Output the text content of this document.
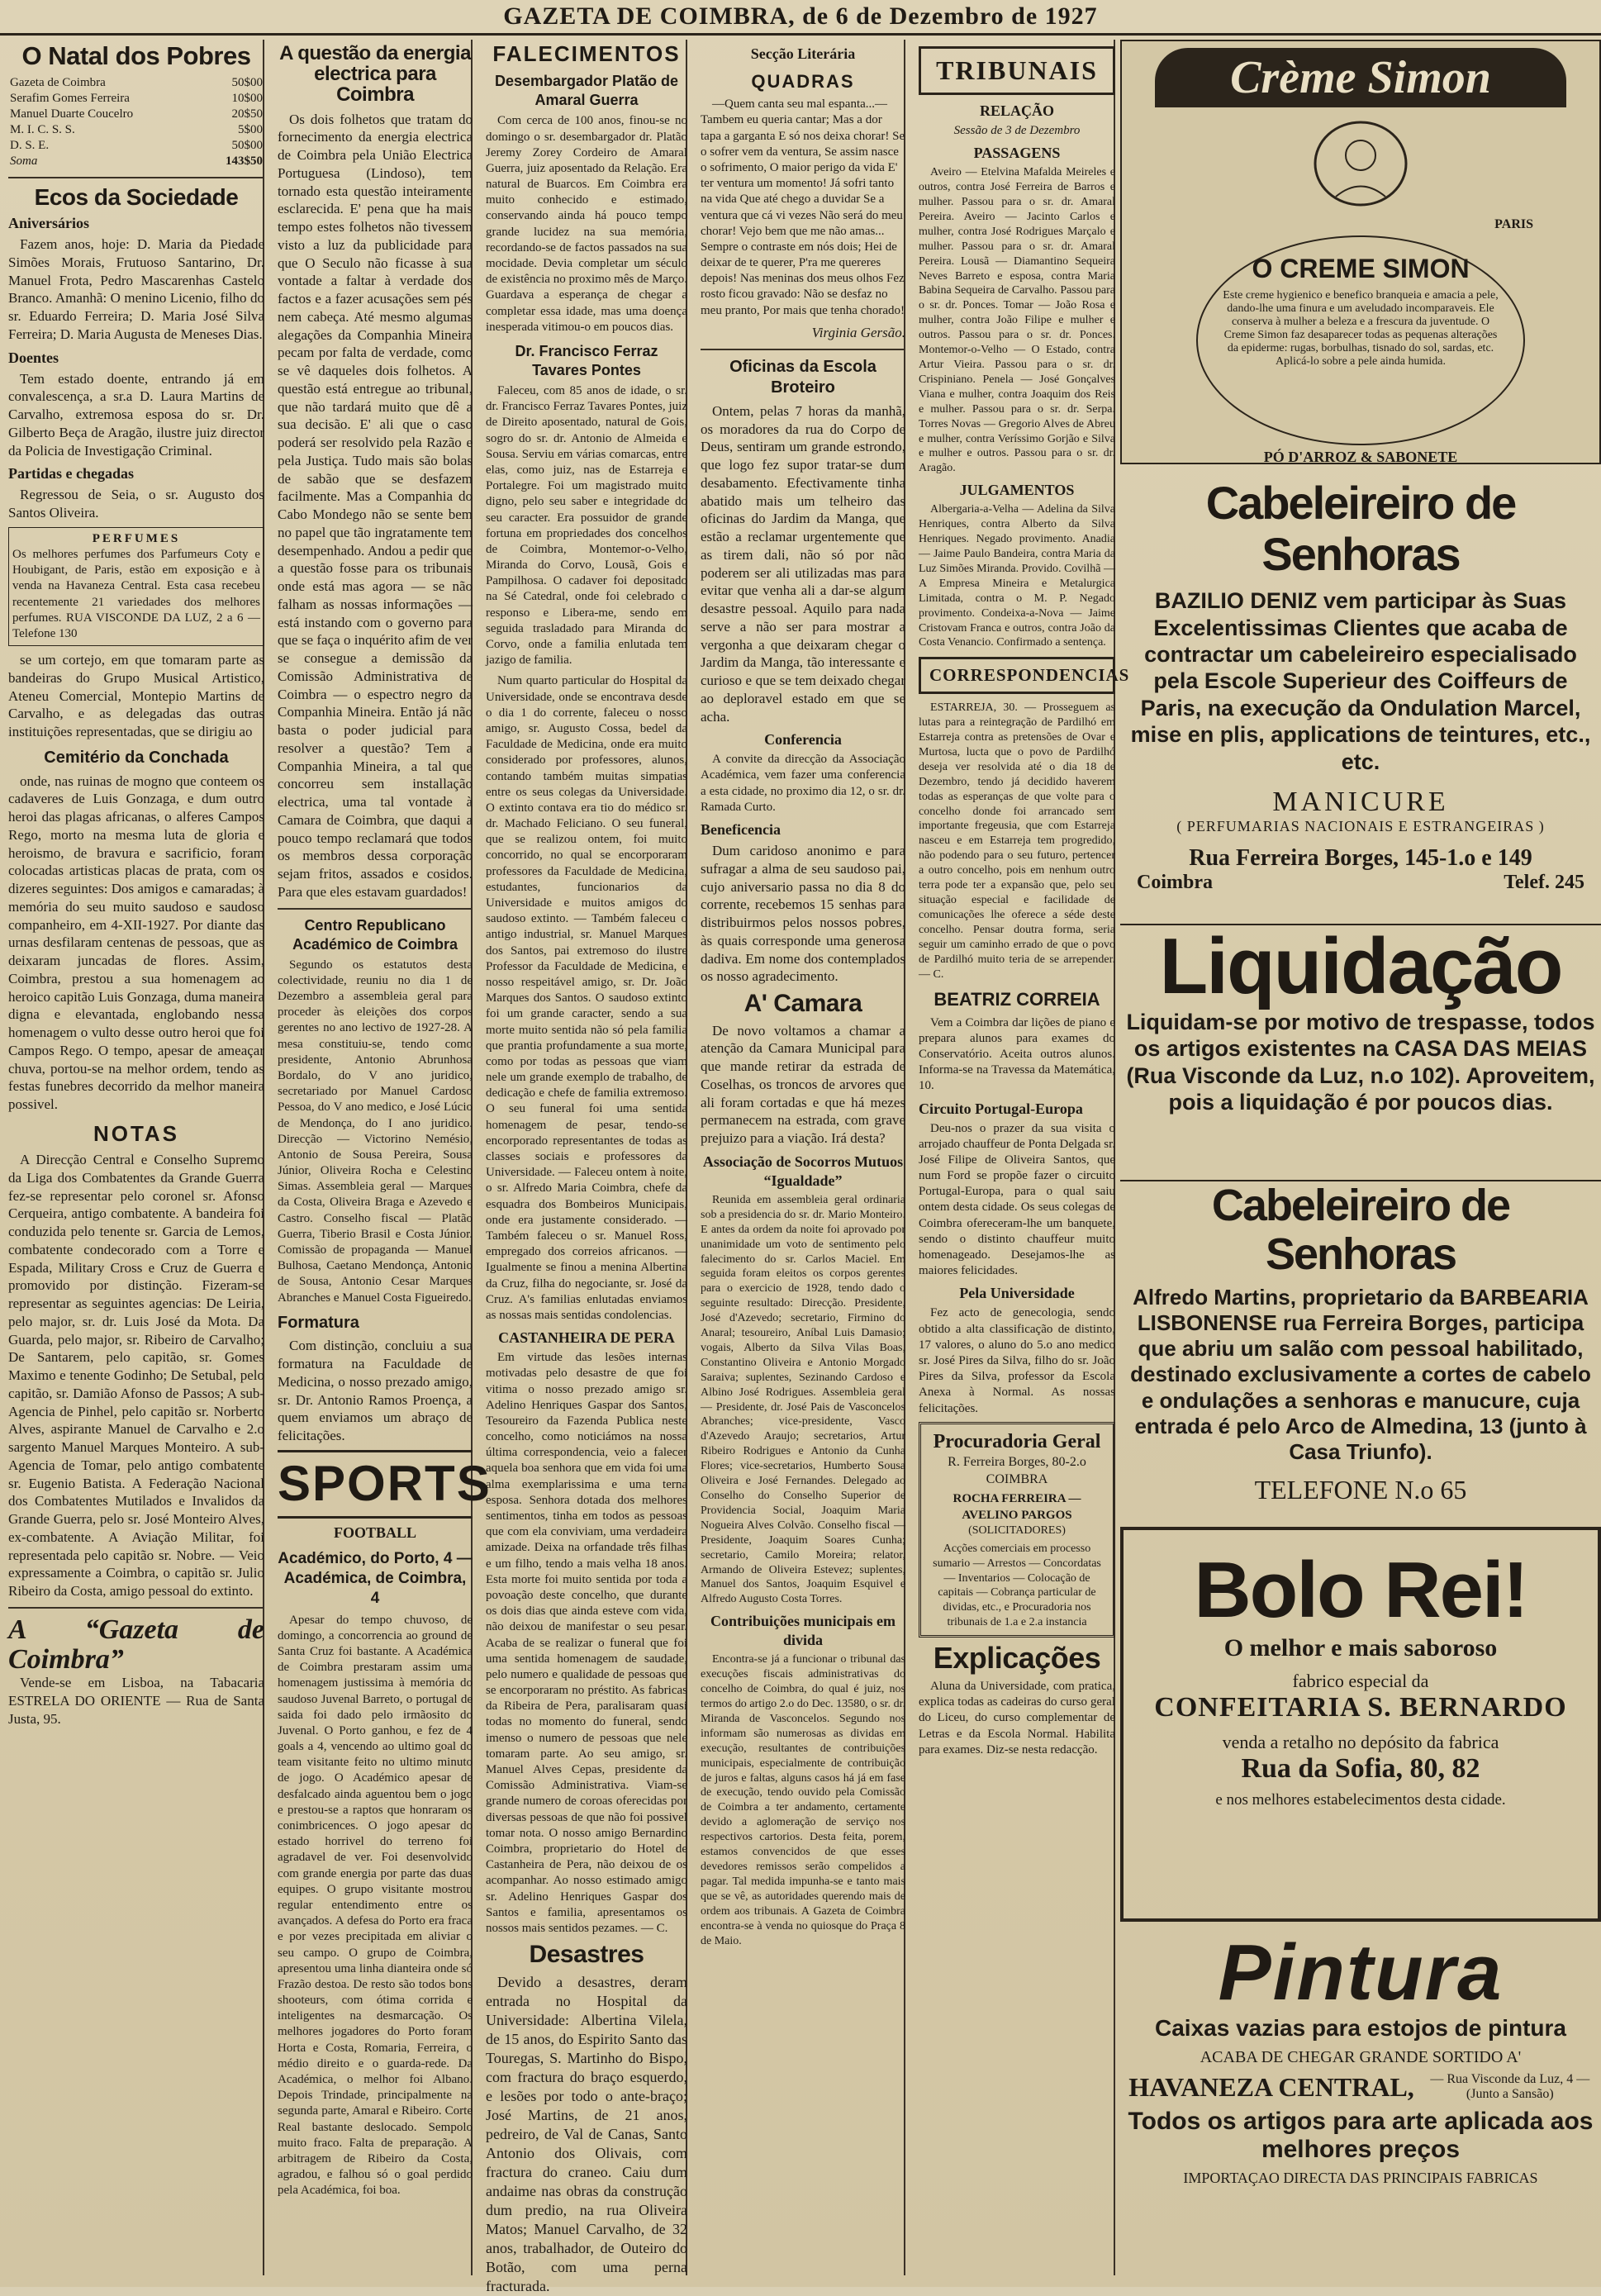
GAZETA DE COIMBRA, de 6 de Dezembro de 1927
O Natal dos Pobres
Gazeta de Coimbra	50$00
Serafim Gomes Ferreira	10$00
Manuel Duarte Coucelro	20$50
M. I. C. S. S.	5$00
D. S. E.	50$00
Soma	143$50
Ecos da Sociedade
Aniversários

Fazem anos, hoje: D. Maria da Piedade Simões Morais, Frutuoso Santarino, Dr. Manuel Frota, Pedro Mascarenhas Castelo Branco. Amanhã: O menino Licenio, filho do sr. Eduardo Ferreira; D. Maria José Silva Ferreira; D. Maria Augusta de Meneses Dias.

Doentes

Tem estado doente, entrando já em convalescença, a sr.a D. Laura Martins de Carvalho, extremosa esposa do sr. Dr. Gilberto Beça de Aragão, ilustre juiz director da Policia de Investigação Criminal.

Partidas e chegadas

Regressou de Seia, o sr. Augusto dos Santos Oliveira.

PERFUMES
Os melhores perfumes dos Parfumeurs Coty e Houbigant, de Paris, estão em exposição e à venda na Havaneza Central. Esta casa recebeu recentemente 21 variedades dos melhores perfumes. RUA VISCONDE DA LUZ, 2 a 6 — Telefone 130

se um cortejo, em que tomaram parte as bandeiras do Grupo Musical Artistico, Ateneu Comercial, Montepio Martins de Carvalho, e as delegadas das outras instituições representadas, que se dirigiu ao

Cemitério da Conchada

onde, nas ruinas de mogno que conteem os cadaveres de Luis Gonzaga, e dum outro heroi das plagas africanas, o alferes Campos Rego, morto na mesma luta de gloria e heroismo, de bravura e sacrificio, foram colocadas artisticas placas de prata, com os dizeres seguintes: Dos amigos e camaradas; à memória do seu muito saudoso e saudoso companheiro, em 4-XII-1927. Por diante das urnas desfilaram centenas de pessoas, que as deixaram juncadas de flores. Assim, Coimbra, prestou a sua homenagem ao heroico capitão Luis Gonzaga, duma maneira digna e elevantada, englobando nessa homenagem o vulto desse outro heroi que foi Campos Rego. O tempo, apesar de ameaçar chuva, portou-se na melhor ordem, tendo as festas funebres decorrido da melhor maneira possivel.

NOTAS

A Direcção Central e Conselho Supremo da Liga dos Combatentes da Grande Guerra fez-se representar pelo coronel sr. Afonso Cerqueira, antigo combatente. A bandeira foi conduzida pelo tenente sr. Garcia de Lemos, combatente condecorado com a Torre e Espada, Military Cross e Cruz de Guerra e promovido por distinção. Fizeram-se representar as seguintes agencias: De Leiria, pelo major, sr. dr. Luis José da Mota. Da Guarda, pelo major, sr. Ribeiro de Carvalho; De Santarem, pelo capitão, sr. Gomes Maximo e tenente Godinho; De Setubal, pelo capitão, sr. Damião Afonso de Passos; A sub-Agencia de Pinhel, pelo capitão sr. Norberto Alves, aspirante Manuel de Carvalho e 2.o sargento Manuel Marques Monteiro. A sub-Agencia de Tomar, pelo antigo combatente sr. Eugenio Batista. A Federação Nacional dos Combatentes Mutilados e Invalidos da Grande Guerra, pelo sr. José Monteiro Alves, ex-combatente. A Aviação Militar, foi representada pelo capitão sr. Nobre. — Veio expressamente a Coimbra, o capitão sr. Julio Ribeiro da Costa, amigo pessoal do extinto.

A “Gazeta de Coimbra”

Vende-se em Lisboa, na Tabacaria ESTRELA DO ORIENTE — Rua de Santa Justa, 95.

A questão da energia electrica para Coimbra

Os dois folhetos que tratam do fornecimento da energia electrica de Coimbra pela União Electrica Portuguesa (Lindoso), tem tornado esta questão inteiramente esclarecida. E' pena que ha mais tempo estes folhetos não tivessem visto a luz da publicidade para que O Seculo não ficasse à sua vontade a faltar à verdade dos factos e a fazer acusações sem pés nem cabeça. Até mesmo algumas alegações da Companhia Mineira pecam por falta de verdade, como se vê daqueles dois folhetos. A questão está entregue ao tribunal, que não tardará muito que dê a sua decisão. E' ali que o caso poderá ser resolvido pela Razão e pela Justiça. Tudo mais são bolas de sabão que se desfazem facilmente. Mas a Companhia do Cabo Mondego não se sente bem no papel que tão ingratamente tem desempenhado. Andou a pedir que a questão fosse para os tribunais onde está mas agora — se não falham as nossas informações — está instando com o governo para que se faça o inquérito afim de ver se consegue a demissão da Comissão Administrativa de Coimbra — o espectro negro da Companhia Mineira. Então já não basta o poder judicial para resolver a questão? Tem a Companhia Mineira, a tal que concorreu sem installação electrica, uma tal vontade à Camara de Coimbra, que daqui a pouco tempo reclamará que todos os membros dessa corporação sejam fritos, assados e cosidos. Para que eles estavam guardados!

Centro Republicano Académico de Coimbra

Segundo os estatutos desta colectividade, reuniu no dia 1 de Dezembro a assembleia geral para proceder às eleições dos corpos gerentes no ano lectivo de 1927-28. A mesa constituiu-se, tendo como presidente, Antonio Abrunhosa Bordalo, do V ano juridico, secretariado por Manuel Cardoso Pessoa, do V ano medico, e José Lúcio de Mendonça, do I ano juridico. Direcção — Victorino Nemésio, Antonio de Sousa Pereira, Sousa Júnior, Oliveira Rocha e Celestino Simas. Assembleia geral — Marques da Costa, Oliveira Braga e Azevedo e Castro. Conselho fiscal — Platão Guerra, Tiberio Brasil e Costa Júnior. Comissão de propaganda — Manuel Bulhosa, Caetano Mendonça, Antonio de Sousa, Antonio Cesar Marques Abranches e Manuel Costa Figueiredo.

Formatura

Com distinção, concluiu a sua formatura na Faculdade de Medicina, o nosso prezado amigo, sr. Dr. Antonio Ramos Proença, a quem enviamos um abraço de felicitações.

SPORTS
FOOTBALL
Académico, do Porto, 4 — Académica, de Coimbra, 4

Apesar do tempo chuvoso, de domingo, a concorrencia ao ground de Santa Cruz foi bastante. A Académica de Coimbra prestaram assim uma homenagem justissima à memória do saudoso Juvenal Barreto, o portugal de saida foi dado pelo irmãosito do Juvenal. O Porto ganhou, e fez de 4 goals a 4, vencendo ao ultimo goal do team visitante feito no ultimo minuto de jogo. O Académico apesar de desfalcado ainda aguentou bem o jogo e prestou-se a raptos que honraram os conimbricences. O jogo apesar do estado horrivel do terreno foi agradavel de ver. Foi desenvolvido com grande energia por parte das duas equipes. O grupo visitante mostrou regular entendimento entre os avançados. A defesa do Porto era fraca e por vezes precipitada em aliviar o seu campo. O grupo de Coimbra, apresentou uma linha dianteira onde só Frazão destoa. De resto são todos bons shooteurs, com ótima corrida e inteligentes na desmarcação. Os melhores jogadores do Porto foram Horta e Costa, Romaria, Ferreira, o médio direito e o guarda-rede. Da Académica, o melhor foi Albano. Depois Trindade, principalmente na segunda parte, Amaral e Ribeiro. Corte Real bastante deslocado. Sempolo muito fraco. Falta de preparação. A arbitragem de Ribeiro da Costa, agradou, e falhou só o goal perdido pela Académica, foi boa.

FALECIMENTOS
Desembargador Platão de Amaral Guerra

Com cerca de 100 anos, finou-se no domingo o sr. desembargador dr. Platão Jeremy Zorey Cordeiro de Amaral Guerra, juiz aposentado da Relação. Era natural de Buarcos. Em Coimbra era muito conhecido e estimado, conservando ainda há pouco tempo grande lucidez na sua memória, recordando-se de factos passados na sua mocidade. Devia completar um século de existência no proximo mês de Março. Guardava a esperança de chegar a completar essa idade, mas uma doença inesperada vitimou-o em poucos dias.

Dr. Francisco Ferraz Tavares Pontes

Faleceu, com 85 anos de idade, o sr. dr. Francisco Ferraz Tavares Pontes, juiz de Direito aposentado, natural de Gois, sogro do sr. dr. Antonio de Almeida e Sousa. Serviu em várias comarcas, entre elas, como juiz, nas de Estarreja e Portalegre. Foi um magistrado muito digno, pelo seu saber e integridade do seu caracter. Era possuidor de grande fortuna em propriedades dos concelhos de Coimbra, Montemor-o-Velho, Miranda do Corvo, Lousã, Gois e Pampilhosa. O cadaver foi depositado na Sé Catedral, onde foi celebrado o responso e Libera-me, sendo em seguida trasladado para Miranda do Corvo, onde a familia enlutada tem jazigo de familia.

Num quarto particular do Hospital da Universidade, onde se encontrava desde o dia 1 do corrente, faleceu o nosso amigo, sr. Augusto Cossa, bedel da Faculdade de Medicina, onde era muito considerado por professores, alunos, contando também muitas simpatias entre os seus colegas da Universidade. O extinto contava era tio do médico sr. dr. Machado Feliciano. O seu funeral, que se realizou ontem, foi muito concorrido, no qual se encorporaram professores da Faculdade de Medicina, estudantes, funcionarios da Universidade e muitos amigos do saudoso extinto. — Também faleceu o antigo industrial, sr. Manuel Marques dos Santos, pai extremoso do ilustre Professor da Faculdade de Medicina, e nosso respeitável amigo, sr. Dr. João Marques dos Santos. O saudoso extinto foi um grande caracter, sendo a sua morte muito sentida não só pela familia que prantia profundamente a sua morte, como por todas as pessoas que viam nele um grande exemplo de trabalho, de dedicação e chefe de familia extremoso. O seu funeral foi uma sentida homenagem de pesar, tendo-se encorporado representantes de todas as classes sociais e professores da Universidade. — Faleceu ontem à noite, o sr. Alfredo Maria Coimbra, chefe da esquadra dos Bombeiros Municipais, onde era justamente considerado. — Também faleceu o sr. Manuel Ross, empregado dos correios africanos. — Igualmente se finou a menina Albertina da Cruz, filha do negociante, sr. José da Cruz. A's familias enlutadas enviamos as nossas mais sentidas condolencias.

CASTANHEIRA DE PERA

Em virtude das lesões internas motivadas pelo desastre de que foi vitima o nosso prezado amigo sr. Adelino Henriques Gaspar dos Santos, Tesoureiro da Fazenda Publica neste concelho, como noticiámos na nossa última correspondencia, veio a falecer aquela boa senhora que em vida foi uma alma exemplarissima e uma terna esposa. Senhora dotada dos melhores sentimentos, tinha em todos as pessoas que com ela conviviam, uma verdadeira amizade. Deixa na orfandade três filhas e um filho, tendo a mais velha 18 anos. Esta morte foi muito sentida por toda a povoação deste concelho, que durante os dois dias que ainda esteve com vida, não deixou de manifestar o seu pesar. Acaba de se realizar o funeral que foi uma sentida homenagem de saudade, pelo numero e qualidade de pessoas que se encorporaram no préstito. As fabricas da Ribeira de Pera, paralisaram quasi todas no momento do funeral, sendo imenso o numero de pessoas que nele tomaram parte. Ao seu amigo, sr. Manuel Alves Cepas, presidente da Comissão Administrativa. Viam-se grande numero de coroas oferecidas por diversas pessoas de que não foi possivel tomar nota. O nosso amigo Bernardino Coimbra, proprietario do Hotel de Castanheira de Pera, não deixou de os acompanhar. Ao nosso estimado amigo sr. Adelino Henriques Gaspar dos Santos e familia, apresentamos os nossos mais sentidos pezames. — C.

Desastres

Devido a desastres, deram entrada no Hospital da Universidade: Albertina Vilela, de 15 anos, do Espirito Santo das Touregas, S. Martinho do Bispo, com fractura do braço esquerdo, e lesões por todo o ante-braço; José Martins, de 21 anos, pedreiro, de Val de Canas, Santo Antonio dos Olivais, com fractura do craneo. Caiu dum andaime nas obras da construção dum predio, na rua Oliveira Matos; Manuel Carvalho, de 32 anos, trabalhador, de Outeiro do Botão, com uma perna fracturada.

Secção Literária
QUADRAS

—Quem canta seu mal espanta...— Tambem eu queria cantar; Mas a dor tapa a garganta E só nos deixa chorar! Se o sofrer vem da ventura, Se assim nasce o sofrimento, O maior perigo da vida E' ter ventura um momento! Já sofri tanto na vida Que até chego a duvidar Se a ventura que cá vi vezes Não será do meu chorar! Vejo bem que me não amas... Sempre o contraste em nós dois; Hei de deixar de te querer, P'ra me quereres depois! Nas meninas dos meus olhos Fez rosto ficou gravado: Não se desfaz no meu pranto, Por mais que tenha chorado!

Virginia Gersão.

Oficinas da Escola Broteiro

Ontem, pelas 7 horas da manhã, os moradores da rua do Corpo de Deus, sentiram um grande estrondo, que logo fez supor tratar-se dum desabamento. Efectivamente tinha abatido mais um telheiro das oficinas do Jardim da Manga, que estão a reclamar urgentemente que as tirem dali, não só por não poderem ser ali utilizadas mas para evitar que venha ali a dar-se algum desastre pessoal. Aquilo para nada serve a não ser para mostrar a vergonha a que deixaram chegar o Jardim da Manga, tão interessante e curioso e que se tem deixado chegar ao deploravel estado em que se acha.

Conferencia

A convite da direcção da Associação Académica, vem fazer uma conferencia a esta cidade, no proximo dia 12, o sr. dr. Ramada Curto.

Beneficencia

Dum caridoso anonimo e para sufragar a alma de seu saudoso pai, cujo aniversario passa no dia 8 do corrente, recebemos 15 senhas para distribuirmos pelos nossos pobres, às quais corresponde uma generosa dadiva. Em nome dos contemplados os nosso agradecimento.

A' Camara

De novo voltamos a chamar a atenção da Camara Municipal para que mande retirar da estrada de Coselhas, os troncos de arvores que ali foram cortadas e que há mezes permanecem na estrada, com grave prejuizo para a viação. Irá desta?

Associação de Socorros Mutuos “Igualdade”

Reunida em assembleia geral ordinaria sob a presidencia do sr. dr. Mario Monteiro. E antes da ordem da noite foi aprovado por unanimidade um voto de sentimento pelo falecimento do sr. Carlos Maciel. Em seguida foram eleitos os corpos gerentes para o exercicio de 1928, tendo dado o seguinte resultado: Direcção. Presidente, José d'Azevedo; secretario, Firmino do Anaral; tesoureiro, Aníbal Luis Damasio; vogais, Alberto da Silva Vilas Boas, Constantino Oliveira e Antonio Morgado Saraiva; suplentes, Sezinando Cardoso e Albino José Rodrigues. Assembleia geral — Presidente, dr. José Pais de Vasconcelos Abranches; vice-presidente, Vasco d'Azevedo Araujo; secretarios, Artur Ribeiro Rodrigues e Antonio da Cunha Flores; vice-secretarios, Humberto Sousa Oliveira e José Fernandes. Delegado ao Conselho do Conselho Superior de Providencia Social, Joaquim Maria Nogueira Alves Colvão. Conselho fiscal — Presidente, Joaquim Soares Cunha; secretario, Camilo Moreira; relator, Armando de Oliveira Estevez; suplentes, Manuel dos Santos, Joaquim Esquivel e Alfredo Augusto Costa Torres.

Contribuições municipais em divida

Encontra-se já a funcionar o tribunal das execuções fiscais administrativas do concelho de Coimbra, do qual é juiz, nos termos do artigo 2.o do Dec. 13580, o sr. dr. Miranda de Vasconcelos. Segundo nos informam são numerosas as dividas em execução, resultantes de contribuições municipais, especialmente de contribuição de juros e faltas, alguns casos há já em fase de execução, tendo ouvido pela Comissão de Coimbra a ter andamento, certamente devido a aglomeração de serviço nos respectivos cartorios. Desta feita, porem, estamos convencidos de que esses devedores remissos serão compelidos a pagar. Tal medida impunha-se e tanto mais que se vê, as autoridades querendo mais de ordem aos tribunais. A Gazeta de Coimbra encontra-se à venda no quiosque do Praça 8 de Maio.

TRIBUNAIS
RELAÇÃO
Sessão de 3 de Dezembro
PASSAGENS

Aveiro — Etelvina Mafalda Meireles e outros, contra José Ferreira de Barros e mulher. Passou para o sr. dr. Amaral Pereira. Aveiro — Jacinto Carlos e mulher, contra José Rodrigues Marçalo e mulher. Passou para o sr. dr. Amaral Pereira. Lousã — Diamantino Sequeira Neves Barreto e esposa, contra Maria Babina Sequeira de Carvalho. Passou para o sr. dr. Ponces. Tomar — João Rosa e mulher, contra João Filipe e mulher e outros. Passou para o sr. dr. Ponces. Montemor-o-Velho — O Estado, contra Artur Vieira. Passou para o sr. dr. Crispiniano. Penela — José Gonçalves Viana e mulher, contra Joaquim dos Reis e mulher. Passou para o sr. dr. Serpa. Torres Novas — Gregorio Alves de Abreu e mulher, contra Veríssimo Gorjão e Silva e mulher e outros. Passou para o sr. dr. Aragão.

JULGAMENTOS

Albergaria-a-Velha — Adelina da Silva Henriques, contra Alberto da Silva Henriques. Negado provimento. Anadia — Jaime Paulo Bandeira, contra Maria da Luz Simões Miranda. Provido. Covilhã — A Empresa Mineira e Metalurgica Limitada, contra o M. P. Negado provimento. Condeixa-a-Nova — Jaime Cristovam Franca e outros, contra João da Costa Venancio. Confirmado a sentença.

CORRESPONDENCIAS

ESTARREJA, 30. — Prosseguem as lutas para a reintegração de Pardilhó em Estarreja contra as pretensões de Ovar e Murtosa, lucta que o povo de Pardilhó deseja ver resolvida até o dia 18 de Dezembro, tendo já decidido haverem todas as esperanças de que volte para o concelho donde foi arrancado sem importante fregeusia, que com Estarreja nasceu e em Estarreja tem progredido, não podendo para o seu futuro, pertencer a outro concelho, pois em nenhum outro terra pode ter a expansão que, pelo seu situação especial e facilidade de comunicações lhe oferece a séde deste concelho. Pensar doutra forma, seria seguir um caminho errado de que o povo de Pardilhó muito teria de se arrepender. — C.

BEATRIZ CORREIA

Vem a Coimbra dar lições de piano e prepara alunos para exames do Conservatório. Aceita outros alunos. Informa-se na Travessa da Matemática, 10.

Circuito Portugal-Europa

Deu-nos o prazer da sua visita o arrojado chauffeur de Ponta Delgada sr. José Filipe de Oliveira Santos, que num Ford se propõe fazer o circuito Portugal-Europa, para o qual saiu ontem desta cidade. Os seus colegas de Coimbra ofereceram-lhe um banquete, sendo o distinto chauffeur muito homenageado. Desejamos-lhe as maiores felicidades.

Pela Universidade

Fez acto de genecologia, sendo obtido a alta classificação de distinto, 17 valores, o aluno do 5.o ano medico sr. José Pires da Silva, filho do sr. João Pires da Silva, professor da Escola Anexa à Normal. As nossas felicitações.

Procuradoria Geral
R. Ferreira Borges, 80-2.o COIMBRA
ROCHA FERREIRA — AVELINO PARGOS
(SOLICITADORES)
Acções comerciais em processo sumario — Arrestos — Concordatas — Inventarios — Colocação de capitais — Cobrança particular de dividas, etc., e Procuradoria nos tribunais de 1.a e 2.a instancia
Explicações

Aluna da Universidade, com pratica, explica todas as cadeiras do curso geral do Liceu, do curso complementar de Letras e da Escola Normal. Habilita para exames. Diz-se nesta redacção.

Crème Simon
PARIS
O CREME SIMON
Este creme hygienico e benefico branqueia e amacia a pele, dando-lhe uma finura e um aveludado incomparaveis. Ele conserva à mulher a beleza e a frescura da juventude. O Creme Simon faz desaparecer todas as pequenas alterações da epiderme: rugas, borbulhas, tisnado do sol, sardas, etc. Aplicá-lo sobre a pele ainda humida.
PÓ D'ARROZ & SABONETE
Cabeleireiro de Senhoras
BAZILIO DENIZ vem participar às Suas Excelentissimas Clientes que acaba de contractar um cabeleireiro especialisado pela Escole Superieur des Coiffeurs de Paris, na execução da Ondulation Marcel, mise en plis, applications de teintures, etc., etc.
MANICURE
( PERFUMARIAS NACIONAIS E ESTRANGEIRAS )
Rua Ferreira Borges, 145-1.o e 149
Coimbra	Telef. 245
Liquidação
Liquidam-se por motivo de trespasse, todos os artigos existentes na CASA DAS MEIAS (Rua Visconde da Luz, n.o 102). Aproveitem, pois a liquidação é por poucos dias.
Cabeleireiro de Senhoras
Alfredo Martins, proprietario da BARBEARIA LISBONENSE rua Ferreira Borges, participa que abriu um salão com pessoal habilitado, destinado exclusivamente a cortes de cabelo e ondulações a senhoras e manucure, cuja entrada é pelo Arco de Almedina, 13 (junto à Casa Triunfo).
TELEFONE N.o 65
Bolo Rei!
O melhor e mais saboroso
fabrico especial da
CONFEITARIA S. BERNARDO
venda a retalho no depósito da fabrica
Rua da Sofia, 80, 82
e nos melhores estabelecimentos desta cidade.
Pintura
Caixas vazias para estojos de pintura
ACABA DE CHEGAR GRANDE SORTIDO A'
HAVANEZA CENTRAL, — Rua Visconde da Luz, 4 — (Junto a Sansão)
Todos os artigos para arte aplicada aos melhores preços
IMPORTAÇAO DIRECTA DAS PRINCIPAIS FABRICAS
